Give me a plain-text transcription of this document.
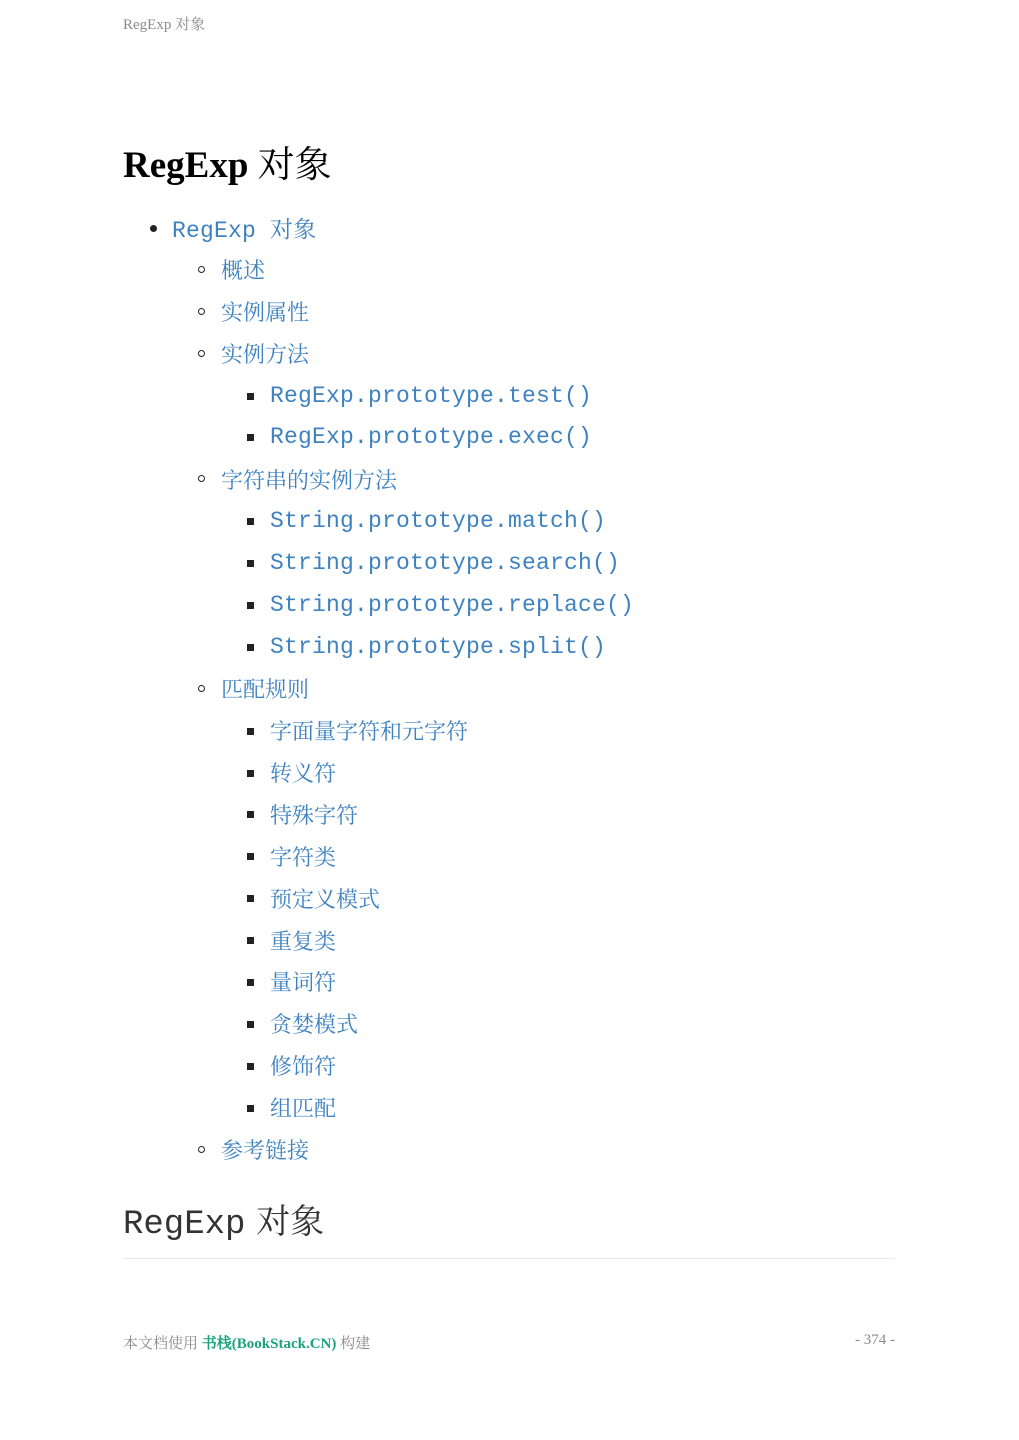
RegExp 对象
RegExp 对象
RegExp 对象
概述
实例属性
实例方法
RegExp.prototype.test()
RegExp.prototype.exec()
字符串的实例方法
String.prototype.match()
String.prototype.search()
String.prototype.replace()
String.prototype.split()
匹配规则
字面量字符和元字符
转义符
特殊字符
字符类
预定义模式
重复类
量词符
贪婪模式
修饰符
组匹配
参考链接
RegExp 对象
本文档使用 书栈(BookStack.CN) 构建	- 374 -
